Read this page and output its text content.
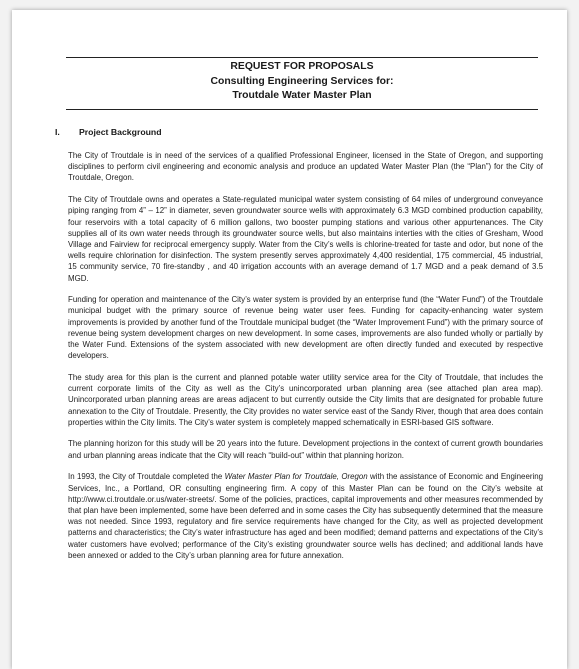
REQUEST FOR PROPOSALS
Consulting Engineering Services for:
Troutdale Water Master Plan
I. Project Background

The City of Troutdale is in need of the services of a qualified Professional Engineer, licensed in the State of Oregon, and supporting disciplines to perform civil engineering and economic analysis and produce an updated Water Master Plan (the “Plan”) for the City of Troutdale, Oregon.

The City of Troutdale owns and operates a State-regulated municipal water system consisting of 64 miles of underground conveyance piping ranging from 4” – 12” in diameter, seven groundwater source wells with approximately 6.3 MGD combined production capability, four reservoirs with a total capacity of 6 million gallons, two booster pumping stations and various other appurtenances. The City supplies all of its own water needs through its groundwater source wells, but also maintains interties with the cities of Gresham, Wood Village and Fairview for reciprocal emergency supply. Water from the City’s wells is chlorine-treated for taste and odor, but none of the wells require chlorination for disinfection. The system presently serves approximately 4,400 residential, 175 commercial, 45 industrial, 15 community service, 70 fire-standby , and 40 irrigation accounts with an average demand of 1.7 MGD and a peak demand of 3.5 MGD.

Funding for operation and maintenance of the City’s water system is provided by an enterprise fund (the “Water Fund”) of the Troutdale municipal budget with the primary source of revenue being water user fees. Funding for capacity-enhancing water system improvements is provided by another fund of the Troutdale municipal budget (the “Water Improvement Fund”) with the primary source of revenue being system development charges on new development. In some cases, improvements are also funded wholly or partially by the Water Fund. Extensions of the system associated with new development are often directly funded and executed by respective developers.

The study area for this plan is the current and planned potable water utility service area for the City of Troutdale, that includes the current corporate limits of the City as well as the City’s unincorporated urban planning area (see attached plan area map). Unincorporated urban planning areas are areas adjacent to but currently outside the City limits that are designated for probable future annexation to the City of Troutdale. Presently, the City provides no water service east of the Sandy River, though that area does contain properties within the City limits. The City’s water system is completely mapped schematically in ESRI-based GIS software.

The planning horizon for this study will be 20 years into the future. Development projections in the context of current growth boundaries and urban planning areas indicate that the City will reach “build-out” within that planning horizon.

In 1993, the City of Troutdale completed the Water Master Plan for Troutdale, Oregon with the assistance of Economic and Engineering Services, Inc., a Portland, OR consulting engineering firm. A copy of this Master Plan can be found on the City’s website at http://www.ci.troutdale.or.us/water-streets/. Some of the policies, practices, capital improvements and other measures recommended by that plan have been implemented, some have been deferred and in some cases the City has subsequently determined that the measure was not needed. Since 1993, regulatory and fire service requirements have changed for the City, as well as projected development patterns and characteristics; the City’s water infrastructure has aged and been modified; demand patterns and expectations of the City’s water customers have evolved; performance of the City’s existing groundwater source wells has declined; and additional lands have been annexed or added to the City’s urban planning area for future annexation.
